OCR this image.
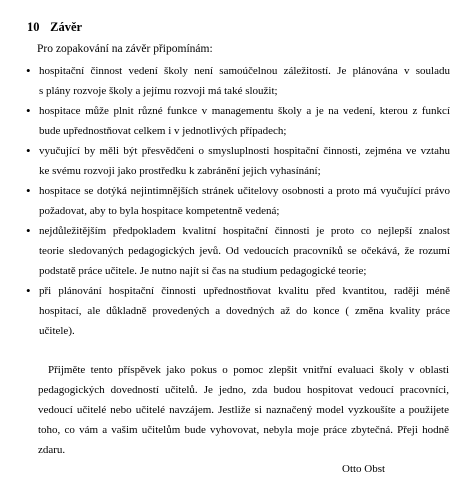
10 Závěr
Pro zopakování na závěr připomínám:
• hospitační činnost vedení školy není samoúčelnou záležitostí. Je plánována v souladu
s plány rozvoje školy a jejímu rozvoji má také sloužit;
• hospitace může plnit různé funkce v managementu školy a je na vedení, kterou z funkcí
bude upřednostňovat celkem i v jednotlivých případech;
• vyučující by měli být přesvědčeni o smysluplnosti hospitační činnosti, zejména ve vztahu
ke svému rozvoji jako prostředku k zabránění jejich vyhasínání;
• hospitace se dotýká nejintimnějších stránek učitelovy osobnosti a proto má vyučující právo
požadovat, aby to byla hospitace kompetentně vedená;
• nejdůležitějším předpokladem kvalitní hospitační činnosti je proto co nejlepší znalost
teorie sledovaných pedagogických jevů. Od vedoucích pracovníků se očekává, že rozumí
podstatě práce učitele. Je nutno najít si čas na studium pedagogické teorie;
• při plánování hospitační činnosti upřednostňovat kvalitu před kvantitou, raději méně
hospitací, ale důkladně provedených a dovedných až do konce ( změna kvality práce
učitele).
Přijměte tento příspěvek jako pokus o pomoc zlepšit vnitřní evaluaci školy v oblasti
pedagogických dovedností učitelů. Je jedno, zda budou hospitovat vedoucí pracovníci,
vedoucí učitelé nebo učitelé navzájem. Jestliže si naznačený model vyzkoušíte a použijete
toho, co vám a vašim učitelům bude vyhovovat, nebyla moje práce zbytečná. Přeji hodně
zdaru.
Otto Obst
